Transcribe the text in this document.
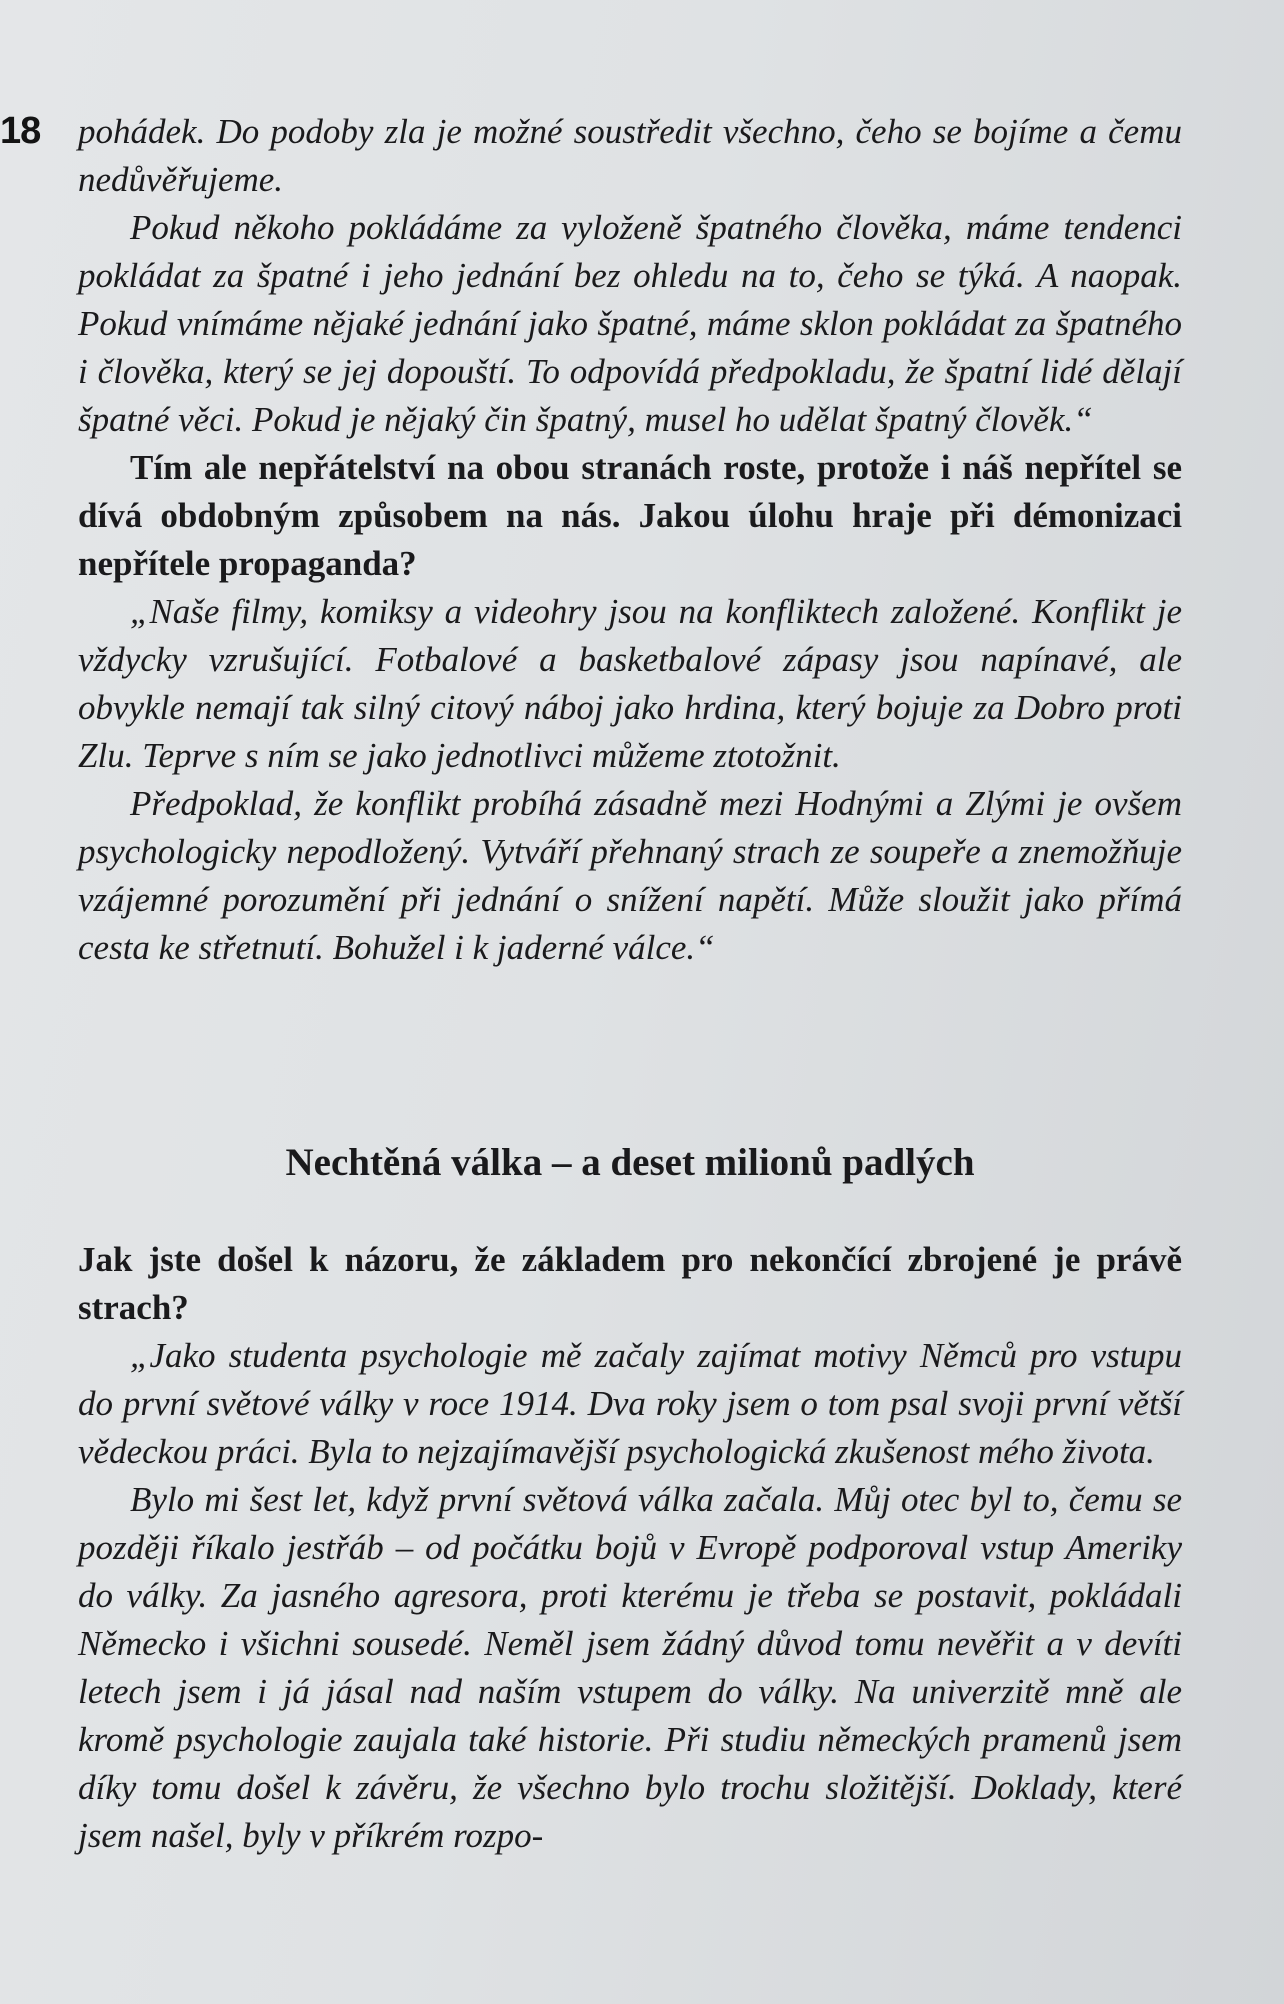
18 pohádek. Do podoby zla je možné soustředit všechno, čeho se bojíme a čemu nedůvěřujeme.

Pokud někoho pokládáme za vyloženě špatného člověka, máme tendenci pokládat za špatné i jeho jednání bez ohledu na to, čeho se týká. A naopak. Pokud vnímáme nějaké jednání jako špatné, máme sklon pokládat za špatného i člověka, který se jej dopouští. To odpovídá předpokladu, že špatní lidé dělají špatné věci. Pokud je nějaký čin špatný, musel ho udělat špatný člověk.“

Tím ale nepřátelství na obou stranách roste, protože i náš nepřítel se dívá obdobným způsobem na nás. Jakou úlohu hraje při démonizaci nepřítele propaganda?

„Naše filmy, komiksy a videohry jsou na konfliktech založené. Konflikt je vždycky vzrušující. Fotbalové a basketbalové zápasy jsou napínavé, ale obvykle nemají tak silný citový náboj jako hrdina, který bojuje za Dobro proti Zlu. Teprve s ním se jako jednotlivci můžeme ztotožnit.

Předpoklad, že konflikt probíhá zásadně mezi Hodnými a Zlými je ovšem psychologicky nepodložený. Vytváří přehnaný strach ze soupeře a znemožňuje vzájemné porozumění při jednání o snížení napětí. Může sloužit jako přímá cesta ke střetnutí. Bohužel i k jaderné válce.“

Nechtěná válka – a deset milionů padlých

Jak jste došel k názoru, že základem pro nekončící zbrojené je právě strach?

„Jako studenta psychologie mě začaly zajímat motivy Němců pro vstupu do první světové války v roce 1914. Dva roky jsem o tom psal svoji první větší vědeckou práci. Byla to nejzajímavější psychologická zkušenost mého života.

Bylo mi šest let, když první světová válka začala. Můj otec byl to, čemu se později říkalo jestřáb – od počátku bojů v Evropě podporoval vstup Ameriky do války. Za jasného agresora, proti kterému je třeba se postavit, pokládali Německo i všichni sousedé. Neměl jsem žádný důvod tomu nevěřit a v devíti letech jsem i já jásal nad naším vstupem do války. Na univerzitě mně ale kromě psychologie zaujala také historie. Při studiu německých pramenů jsem díky tomu došel k závěru, že všechno bylo trochu složitější. Doklady, které jsem našel, byly v příkrém rozpo-
